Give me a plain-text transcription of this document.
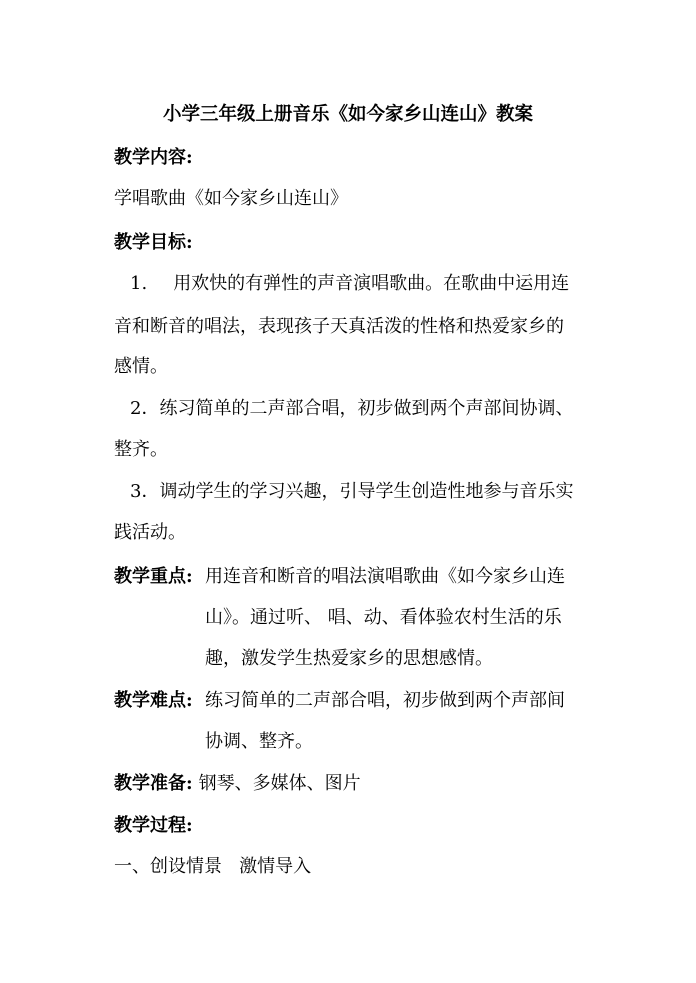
小学三年级上册音乐《如今家乡山连山》教案
教学内容:
学唱歌曲《如今家乡山连山》
教学目标:
1. 用欢快的有弹性的声音演唱歌曲。在歌曲中运用连
音和断音的唱法，表现孩子天真活泼的性格和热爱家乡的
感情。
2．练习简单的二声部合唱，初步做到两个声部间协调、
整齐。
3．调动学生的学习兴趣，引导学生创造性地参与音乐实
践活动。
教学重点: 用连音和断音的唱法演唱歌曲《如今家乡山连
山》。通过听、 唱、动、看体验农村生活的乐
趣，激发学生热爱家乡的思想感情。
教学难点: 练习简单的二声部合唱，初步做到两个声部间
协调、整齐。
教学准备: 钢琴、多媒体、图片
教学过程:
一、创设情景   激情导入
